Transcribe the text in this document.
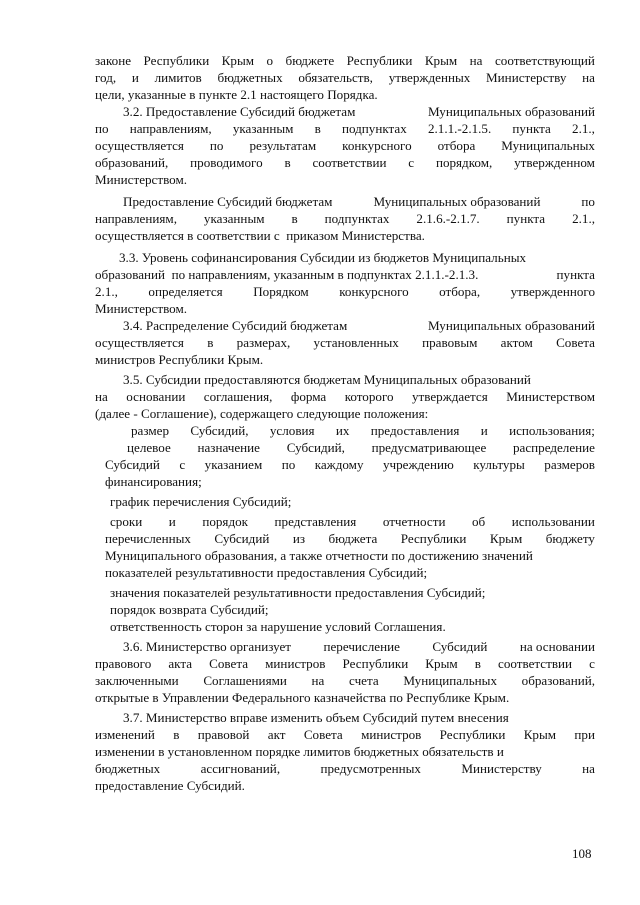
законе Республики Крым о бюджете Республики Крым на соответствующий
год, и лимитов бюджетных обязательств, утвержденных Министерству на
цели, указанные в пункте 2.1 настоящего Порядка.
3.2. Предоставление Субсидий бюджетам	Муниципальных образований
по направлениям, указанным в подпунктах 2.1.1.-2.1.5. пункта 2.1.,
осуществляется по результатам конкурсного отбора Муниципальных
образований, проводимого в соответствии с порядком, утвержденном
Министерством.
Предоставление Субсидий бюджетам	Муниципальных образований	по
направлениям, указанным в подпунктах 2.1.6.-2.1.7. пункта 2.1.,
осуществляется в соответствии с  приказом Министерства.
3.3. Уровень софинансирования Субсидии из бюджетов Муниципальных
образований  по направлениям, указанным в подпунктах 2.1.1.-2.1.3.	пункта
2.1., определяется Порядком конкурсного отбора, утвержденного
Министерством.
3.4. Распределение Субсидий бюджетам	Муниципальных образований
осуществляется в размерах, установленных правовым актом Совета
министров Республики Крым.
3.5. Субсидии предоставляются бюджетам Муниципальных образований
на основании соглашения, форма которого утверждается Министерством
(далее - Соглашение), содержащего следующие положения:
размер Субсидий, условия их предоставления и использования;
целевое назначение Субсидий, предусматривающее распределение
Субсидий с указанием по каждому учреждению культуры размеров
финансирования;
график перечисления Субсидий;
сроки и порядок представления отчетности об использовании
перечисленных Субсидий из бюджета Республики Крым бюджету
Муниципального образования, а также отчетности по достижению значений
показателей результативности предоставления Субсидий;
значения показателей результативности предоставления Субсидий;
порядок возврата Субсидий;
ответственность сторон за нарушение условий Соглашения.
3.6. Министерство организует перечисление Субсидий на основании
правового акта Совета министров Республики Крым в соответствии с
заключенными Соглашениями на счета Муниципальных образований,
открытые в Управлении Федерального казначейства по Республике Крым.
3.7. Министерство вправе изменить объем Субсидий путем внесения
изменений в правовой акт Совета министров Республики Крым при
изменении в установленном порядке лимитов бюджетных обязательств и
бюджетных	ассигнований,	предусмотренных	Министерству	на
предоставление Субсидий.
108
